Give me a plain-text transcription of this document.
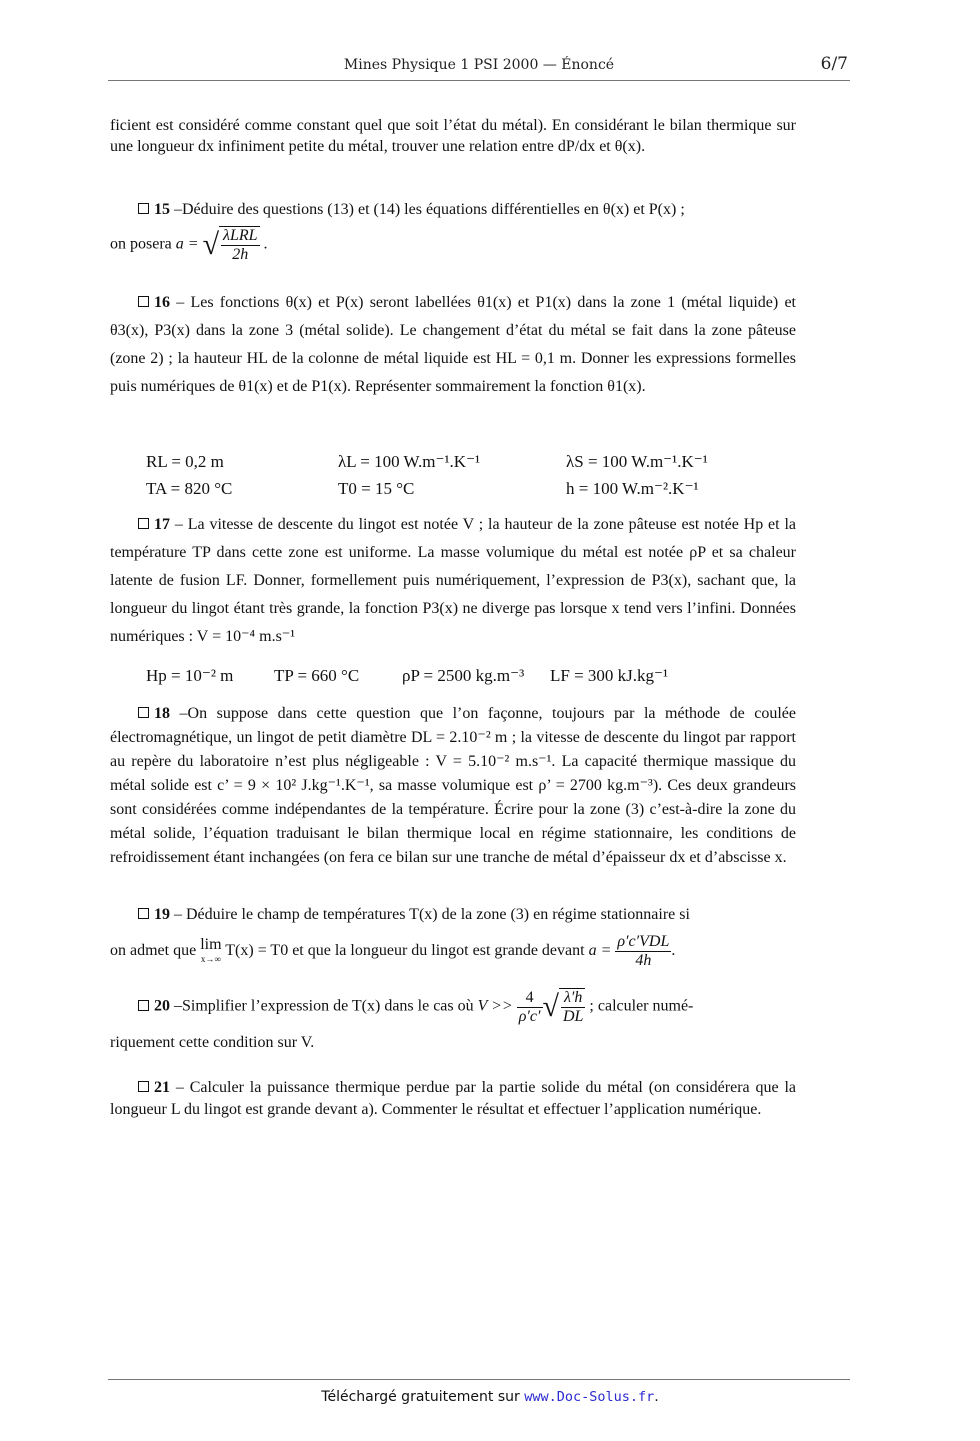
Mines Physique 1 PSI 2000 — Énoncé	6/7

ficient est considéré comme constant quel que soit l’état du métal). En considérant le bilan thermique sur une longueur dx infiniment petite du métal, trouver une relation entre dP/dx et θ(x).

15 –Déduire des questions (13) et (14) les équations différentielles en θ(x) et P(x) ;

on posera a = √ $\frac{\text{λLRL}}{2h}$ .

16 – Les fonctions θ(x) et P(x) seront labellées θ1(x) et P1(x) dans la zone 1 (métal liquide) et θ3(x), P3(x) dans la zone 3 (métal solide). Le changement d’état du métal se fait dans la zone pâteuse (zone 2) ; la hauteur HL de la colonne de métal liquide est HL = 0,1 m. Donner les expressions formelles puis numériques de θ1(x) et de P1(x). Représenter sommairement la fonction θ1(x).

RL = 0,2 m	λL = 100 W.m⁻¹.K⁻¹	λS = 100 W.m⁻¹.K⁻¹
TA = 820 °C	T0 = 15 °C	h = 100 W.m⁻².K⁻¹

17 – La vitesse de descente du lingot est notée V ; la hauteur de la zone pâteuse est notée Hp et la température TP dans cette zone est uniforme. La masse volumique du métal est notée ρP et sa chaleur latente de fusion LF. Donner, formellement puis numériquement, l’expression de P3(x), sachant que, la longueur du lingot étant très grande, la fonction P3(x) ne diverge pas lorsque x tend vers l’infini. Données numériques : V = 10⁻⁴ m.s⁻¹

Hp = 10⁻² m	TP = 660 °C	ρP = 2500 kg.m⁻³	LF = 300 kJ.kg⁻¹

18 –On suppose dans cette question que l’on façonne, toujours par la méthode de coulée électromagnétique, un lingot de petit diamètre DL = 2.10⁻² m ; la vitesse de descente du lingot par rapport au repère du laboratoire n’est plus négligeable : V = 5.10⁻² m.s⁻¹. La capacité thermique massique du métal solide est c’ = 9 × 10² J.kg⁻¹.K⁻¹, sa masse volumique est ρ’ = 2700 kg.m⁻³). Ces deux grandeurs sont considérées comme indépendantes de la température. Écrire pour la zone (3) c’est-à-dire la zone du métal solide, l’équation traduisant le bilan thermique local en régime stationnaire, les conditions de refroidissement étant inchangées (on fera ce bilan sur une tranche de métal d’épaisseur dx et d’abscisse x.

19 – Déduire le champ de températures T(x) de la zone (3) en régime stationnaire si

on admet que lim
x→∞ T(x) = T0 et que la longueur du lingot est grande devant $a = \frac{\text{ρ′c′VDL}}{4h}$ .

20 –Simplifier l’expression de T(x) dans le cas où $V >> \frac{4}{\rho'c'}$ √ $\frac{\lambda'h}{DL}$ ; calculer numé-

riquement cette condition sur V.

21 – Calculer la puissance thermique perdue par la partie solide du métal (on considérera que la longueur L du lingot est grande devant a). Commenter le résultat et effectuer l’application numérique.

Téléchargé gratuitement sur www.Doc-Solus.fr.
